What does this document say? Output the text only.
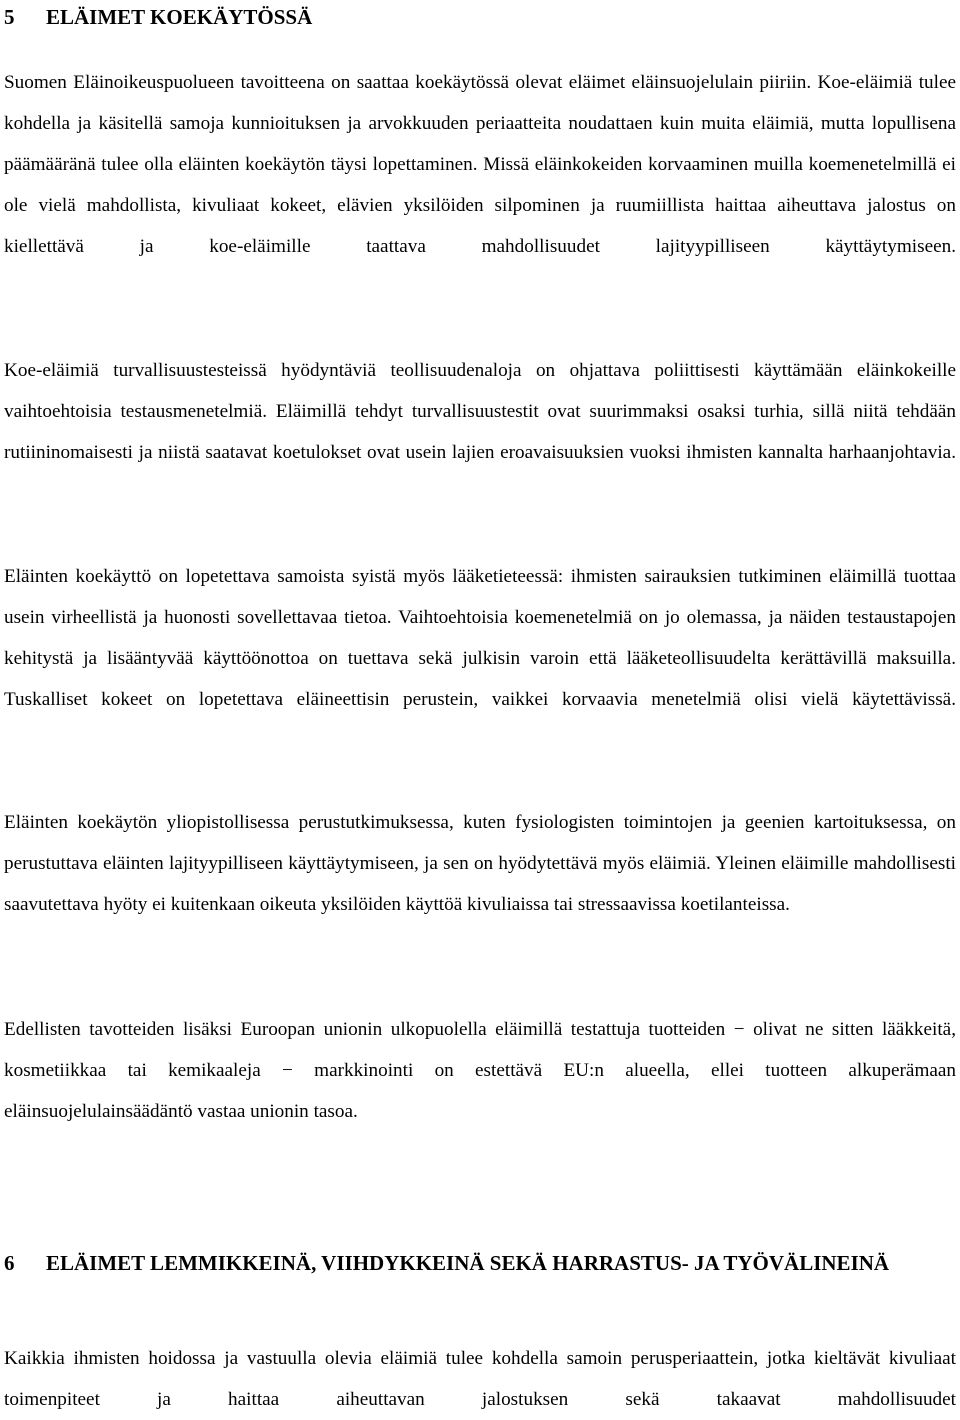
5	ELÄIMET KOEKÄYTÖSSÄ

Suomen Eläinoikeuspuolueen tavoitteena on saattaa koekäytössä olevat eläimet eläinsuojelulain piiriin. Koe-eläimiä tulee kohdella ja käsitellä samoja kunnioituksen ja arvokkuuden periaatteita noudattaen kuin muita eläimiä, mutta lopullisena päämääränä tulee olla eläinten koekäytön täysi lopettaminen. Missä eläinkokeiden korvaaminen muilla koemenetelmillä ei ole vielä mahdollista, kivuliaat kokeet, elävien yksilöiden silpominen ja ruumiillista haittaa aiheuttava jalostus on kiellettävä ja koe-eläimille taattava mahdollisuudet lajityypilliseen käyttäytymiseen.

Koe-eläimiä turvallisuustesteissä hyödyntäviä teollisuudenaloja on ohjattava poliittisesti käyttämään eläinkokeille vaihtoehtoisia testausmenetelmiä. Eläimillä tehdyt turvallisuustestit ovat suurimmaksi osaksi turhia, sillä niitä tehdään rutiininomaisesti ja niistä saatavat koetulokset ovat usein lajien eroavaisuuksien vuoksi ihmisten kannalta harhaanjohtavia.

Eläinten koekäyttö on lopetettava samoista syistä myös lääketieteessä: ihmisten sairauksien tutkiminen eläimillä tuottaa usein virheellistä ja huonosti sovellettavaa tietoa. Vaihtoehtoisia koemenetelmiä on jo olemassa, ja näiden testaustapojen kehitystä ja lisääntyvää käyttöönottoa on tuettava sekä julkisin varoin että lääketeollisuudelta kerättävillä maksuilla. Tuskalliset kokeet on lopetettava eläineettisin perustein, vaikkei korvaavia menetelmiä olisi vielä käytettävissä.

Eläinten koekäytön yliopistollisessa perustutkimuksessa, kuten fysiologisten toimintojen ja geenien kartoituksessa, on perustuttava eläinten lajityypilliseen käyttäytymiseen, ja sen on hyödytettävä myös eläimiä. Yleinen eläimille mahdollisesti saavutettava hyöty ei kuitenkaan oikeuta yksilöiden käyttöä kivuliaissa tai stressaavissa koetilanteissa.

Edellisten tavotteiden lisäksi Euroopan unionin ulkopuolella eläimillä testattuja tuotteiden − olivat ne sitten lääkkeitä, kosmetiikkaa tai kemikaaleja − markkinointi on estettävä EU:n alueella, ellei tuotteen alkuperämaan eläinsuojelulainsäädäntö vastaa unionin tasoa.

6	ELÄIMET LEMMIKKEINÄ, VIIHDYKKEINÄ SEKÄ HARRASTUS- JA TYÖVÄLINEINÄ

Kaikkia ihmisten hoidossa ja vastuulla olevia eläimiä tulee kohdella samoin perusperiaattein, jotka kieltävät kivuliaat toimenpiteet ja haittaa aiheuttavan jalostuksen sekä takaavat mahdollisuudet
